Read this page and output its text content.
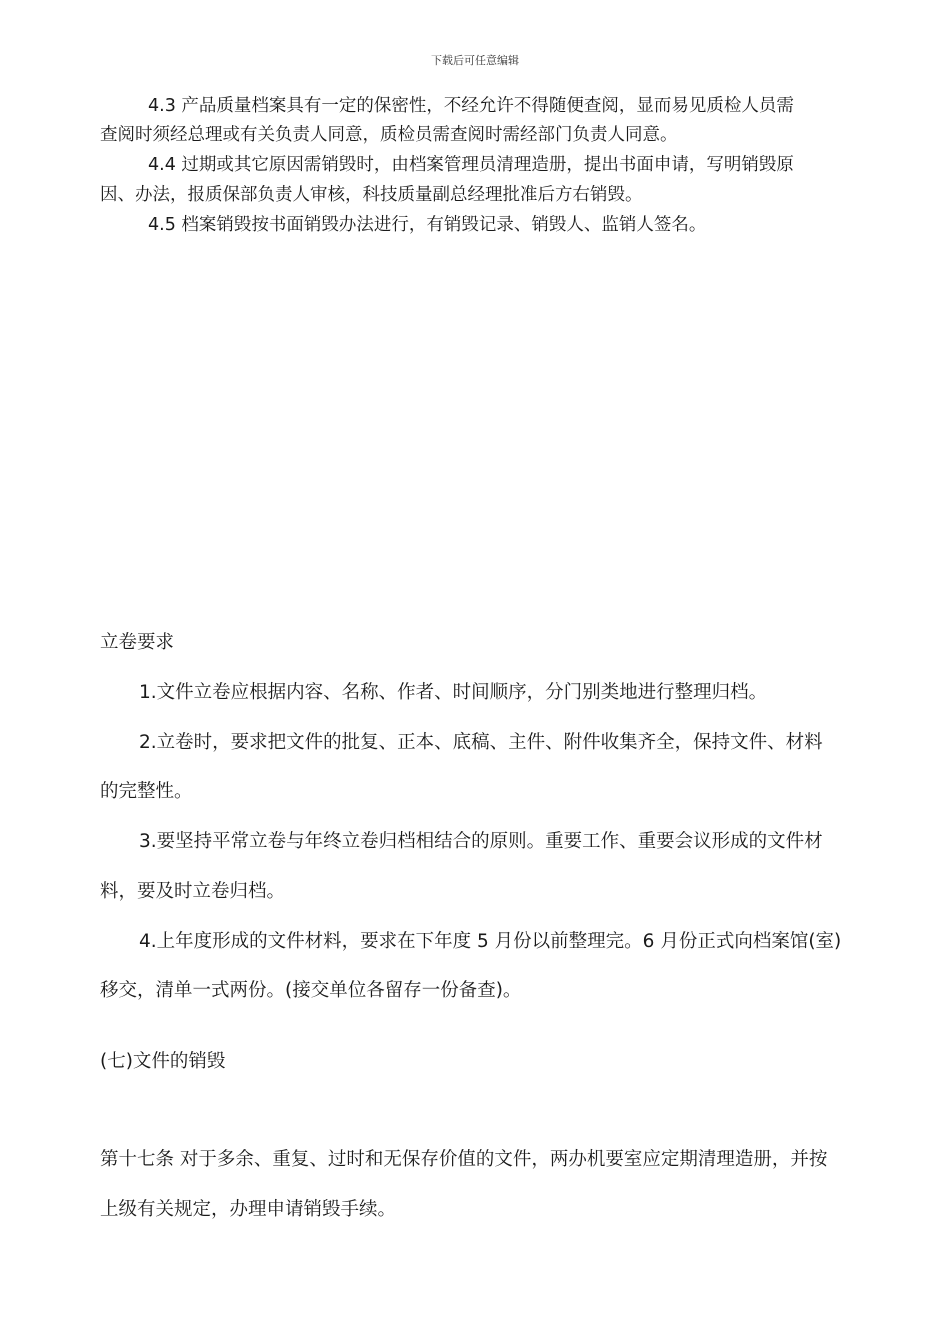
下载后可任意编辑

4.3 产品质量档案具有一定的保密性，不经允许不得随便查阅，显而易见质检人员需

查阅时须经总理或有关负责人同意，质检员需查阅时需经部门负责人同意。

4.4 过期或其它原因需销毁时，由档案管理员清理造册，提出书面申请，写明销毁原

因、办法，报质保部负责人审核，科技质量副总经理批准后方右销毁。

4.5 档案销毁按书面销毁办法进行，有销毁记录、销毁人、监销人签名。

立卷要求

1.文件立卷应根据内容、名称、作者、时间顺序，分门别类地进行整理归档。

2.立卷时，要求把文件的批复、正本、底稿、主件、附件收集齐全，保持文件、材料

的完整性。

3.要坚持平常立卷与年终立卷归档相结合的原则。重要工作、重要会议形成的文件材

料，要及时立卷归档。

4.上年度形成的文件材料，要求在下年度 5 月份以前整理完。6 月份正式向档案馆(室)

移交，清单一式两份。(接交单位各留存一份备查)。

(七)文件的销毁

第十七条 对于多余、重复、过时和无保存价值的文件，两办机要室应定期清理造册，并按

上级有关规定，办理申请销毁手续。
